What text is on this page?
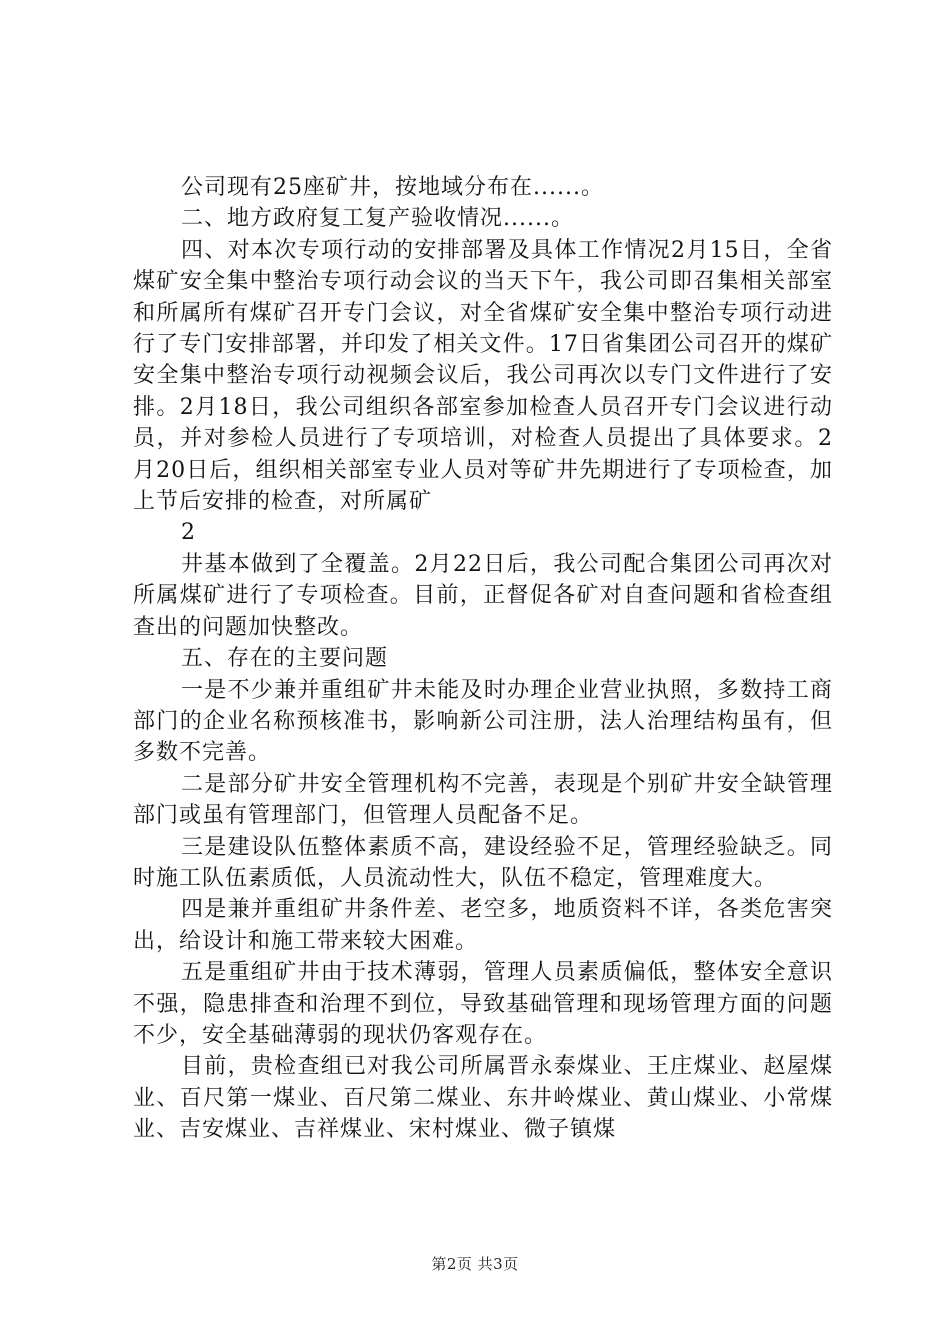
公司现有25座矿井，按地域分布在......。

二、地方政府复工复产验收情况......。

四、对本次专项行动的安排部署及具体工作情况2月15日，全省煤矿安全集中整治专项行动会议的当天下午，我公司即召集相关部室和所属所有煤矿召开专门会议，对全省煤矿安全集中整治专项行动进行了专门安排部署，并印发了相关文件。17日省集团公司召开的煤矿安全集中整治专项行动视频会议后，我公司再次以专门文件进行了安排。2月18日，我公司组织各部室参加检查人员召开专门会议进行动员，并对参检人员进行了专项培训，对检查人员提出了具体要求。2月20日后，组织相关部室专业人员对等矿井先期进行了专项检查，加上节后安排的检查，对所属矿

2

井基本做到了全覆盖。2月22日后，我公司配合集团公司再次对所属煤矿进行了专项检查。目前，正督促各矿对自查问题和省检查组查出的问题加快整改。

五、存在的主要问题

一是不少兼并重组矿井未能及时办理企业营业执照，多数持工商部门的企业名称预核准书，影响新公司注册，法人治理结构虽有，但多数不完善。

二是部分矿井安全管理机构不完善，表现是个别矿井安全缺管理部门或虽有管理部门，但管理人员配备不足。

三是建设队伍整体素质不高，建设经验不足，管理经验缺乏。同时施工队伍素质低，人员流动性大，队伍不稳定，管理难度大。

四是兼并重组矿井条件差、老空多，地质资料不详，各类危害突出，给设计和施工带来较大困难。

五是重组矿井由于技术薄弱，管理人员素质偏低，整体安全意识不强，隐患排查和治理不到位，导致基础管理和现场管理方面的问题不少，安全基础薄弱的现状仍客观存在。

目前，贵检查组已对我公司所属晋永泰煤业、王庄煤业、赵屋煤业、百尺第一煤业、百尺第二煤业、东井岭煤业、黄山煤业、小常煤业、吉安煤业、吉祥煤业、宋村煤业、微子镇煤

第2页 共3页
